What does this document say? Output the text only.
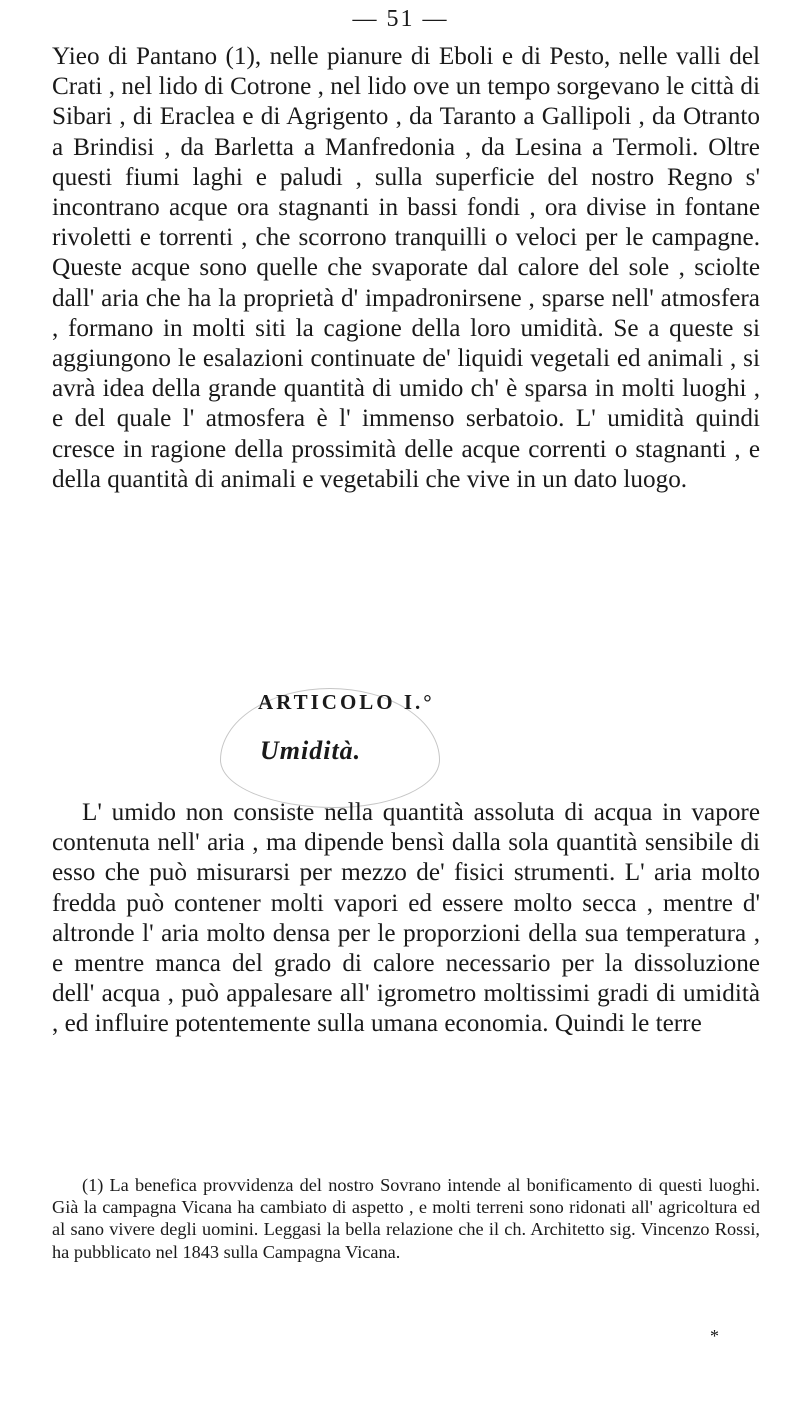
— 51 —

Yieo di Pantano (1), nelle pianure di Eboli e di Pesto, nelle valli del Crati , nel lido di Cotrone , nel lido ove un tempo sorgevano le città di Sibari , di Eraclea e di Agrigento , da Taranto a Gallipoli , da Otranto a Brindisi , da Barletta a Manfredonia , da Lesina a Termoli. Oltre questi fiumi laghi e paludi , sulla superficie del nostro Regno s' incontrano acque ora stagnanti in bassi fondi , ora divise in fontane rivoletti e torrenti , che scorrono tranquilli o veloci per le campagne. Queste acque sono quelle che svaporate dal calore del sole , sciolte dall' aria che ha la proprietà d' impadronirsene , sparse nell' atmosfera , formano in molti siti la cagione della loro umidità. Se a queste si aggiungono le esalazioni continuate de' liquidi vegetali ed animali , si avrà idea della grande quantità di umido ch' è sparsa in molti luoghi , e del quale l' atmosfera è l' immenso serbatoio. L' umidità quindi cresce in ragione della prossimità delle acque correnti o stagnanti , e della quantità di animali e vegetabili che vive in un dato luogo.

ARTICOLO I.°
Umidità.

L' umido non consiste nella quantità assoluta di acqua in vapore contenuta nell' aria , ma dipende bensì dalla sola quantità sensibile di esso che può misurarsi per mezzo de' fisici strumenti. L' aria molto fredda può contener molti vapori ed essere molto secca , mentre d' altronde l' aria molto densa per le proporzioni della sua temperatura , e mentre manca del grado di calore necessario per la dissoluzione dell' acqua , può appalesare all' igrometro moltissimi gradi di umidità , ed influire potentemente sulla umana economia. Quindi le terre

(1) La benefica provvidenza del nostro Sovrano intende al bonificamento di questi luoghi. Già la campagna Vicana ha cambiato di aspetto , e molti terreni sono ridonati all' agricoltura ed al sano vivere degli uomini. Leggasi la bella relazione che il ch. Architetto sig. Vincenzo Rossi, ha pubblicato nel 1843 sulla Campagna Vicana.

*
